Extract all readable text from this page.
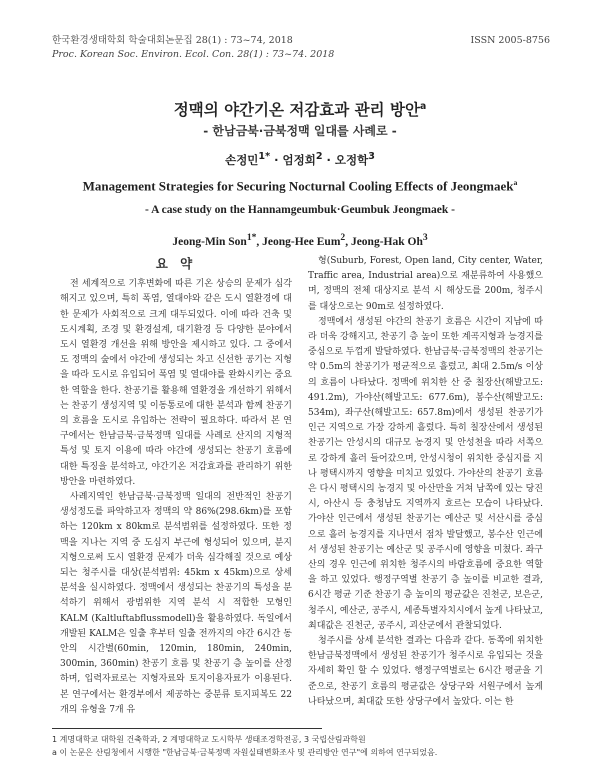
한국환경생태학회 학술대회논문집 28(1) : 73~74, 2018	ISSN 2005-8756
Proc. Korean Soc. Environ. Ecol. Con. 28(1) : 73~74. 2018
정맥의 야간기온 저감효과 관리 방안$^a$
- 한남금북·금북정맥 일대를 사례로 -
손정민$^{1*}$ · 엄정희$^2$ · 오정학$^3$
Management Strategies for Securing Nocturnal Cooling Effects of Jeongmaek$^a$
- A case study on the Hannamgeumbuk·Geumbuk Jeongmaek -
Jeong-Min Son$^{1*}$, Jeong-Hee Eum$^2$, Jeong-Hak Oh$^3$
요 약

전 세계적으로 기후변화에 따른 기온 상승의 문제가 심각해지고 있으며, 특히 폭염, 열대야와 같은 도시 열환경에 대한 문제가 사회적으로 크게 대두되었다. 이에 따라 건축 및 도시계획, 조경 및 환경설계, 대기환경 등 다양한 분야에서 도시 열환경 개선을 위해 방안을 제시하고 있다. 그 중에서도 정맥의 숲에서 야간에 생성되는 차고 신선한 공기는 지형을 따라 도시로 유입되어 폭염 및 열대야를 완화시키는 중요한 역할을 한다. 찬공기를 활용해 열환경을 개선하기 위해서는 찬공기 생성지역 및 이동통로에 대한 분석과 함께 찬공기의 흐름을 도시로 유입하는 전략이 필요하다. 따라서 본 연구에서는 한남금북·금북정맥 일대를 사례로 산지의 지형적 특성 및 토지 이용에 따라 야간에 생성되는 찬공기 흐름에 대한 특징을 분석하고, 야간기온 저감효과를 관리하기 위한 방안을 마련하였다.

사례지역인 한남금북·금북정맥 일대의 전반적인 찬공기 생성정도를 파악하고자 정맥의 약 86%(298.6km)를 포함하는 120km x 80km로 분석범위를 설정하였다. 또한 정맥을 지나는 지역 중 도심지 부근에 형성되어 있으며, 분지지형으로써 도시 열환경 문제가 더욱 심각해질 것으로 예상되는 청주시를 대상(분석범위: 45km x 45km)으로 상세 분석을 실시하였다. 정맥에서 생성되는 찬공기의 특성을 분석하기 위해서 광범위한 지역 분석 시 적합한 모형인 KALM (Kaltluftabflussmodell)을 활용하였다. 독일에서 개발된 KALM은 일출 후부터 일출 전까지의 야간 6시간 동안의 시간별(60min, 120min, 180min, 240min, 300min, 360min) 찬공기 흐름 및 찬공기 층 높이를 산정하며, 입력자료로는 지형자료와 토지이용자료가 이용된다. 본 연구에서는 환경부에서 제공하는 중분류 토지피복도 22개의 유형을 7개 유

형(Suburb, Forest, Open land, City center, Water, Traffic area, Industrial area)으로 재분류하여 사용했으며, 정맥의 전체 대상지로 분석 시 해상도를 200m, 청주시를 대상으로는 90m로 설정하였다.

정맥에서 생성된 야간의 찬공기 흐름은 시간이 지남에 따라 더욱 강해지고, 찬공기 층 높이 또한 계곡지형과 능경지를 중심으로 두껍게 발달하였다. 한남금북·금북정맥의 찬공기는 약 0.5m의 찬공기가 평균적으로 흘렀고, 최대 2.5m/s 이상의 흐름이 나타났다. 정맥에 위치한 산 중 칠장산(해발고도: 491.2m), 가야산(해발고도: 677.6m), 봉수산(해발고도: 534m), 좌구산(해발고도: 657.8m)에서 생성된 찬공기가 인근 지역으로 가장 강하게 흘렀다. 특히 칠장산에서 생성된 찬공기는 안성시의 대규모 농경지 및 안성천을 따라 서쪽으로 강하게 흘러 들어갔으며, 안성시청이 위치한 중심지를 지나 평택시까지 영향을 미치고 있었다. 가야산의 찬공기 흐름은 다시 평택시의 농경지 및 아산만을 거쳐 남쪽에 있는 당진시, 아산시 등 충청남도 지역까지 흐르는 모습이 나타났다. 가야산 인근에서 생성된 찬공기는 예산군 및 서산시를 중심으로 흘러 농경지를 지나면서 점차 발달했고, 봉수산 인근에서 생성된 찬공기는 예산군 및 공주시에 영향을 미쳤다. 좌구산의 경우 인근에 위치한 청주시의 바람흐름에 중요한 역할을 하고 있었다. 행정구역별 찬공기 층 높이를 비교한 결과, 6시간 평균 기준 찬공기 층 높이의 평균값은 진천군, 보은군, 청주시, 예산군, 공주시, 세종특별자치시에서 높게 나타났고, 최대값은 진천군, 공주시, 괴산군에서 관찰되었다.

청주시를 상세 분석한 결과는 다음과 같다. 동쪽에 위치한 한남금북정맥에서 생성된 찬공기가 청주시로 유입되는 것을 자세히 확인 할 수 있었다. 행정구역별로는 6시간 평균을 기준으로, 찬공기 흐름의 평균값은 상당구와 서원구에서 높게 나타났으며, 최대값 또한 상당구에서 높았다. 이는 한

1 계명대학교 대학원 건축학과, 2 계명대학교 도시학부 생태조경학전공, 3 국립산림과학원
a 이 논문은 산림청에서 시행한 "한남금북·금북정맥 자원실태변화조사 및 관리방안 연구"에 의하여 연구되었음.
